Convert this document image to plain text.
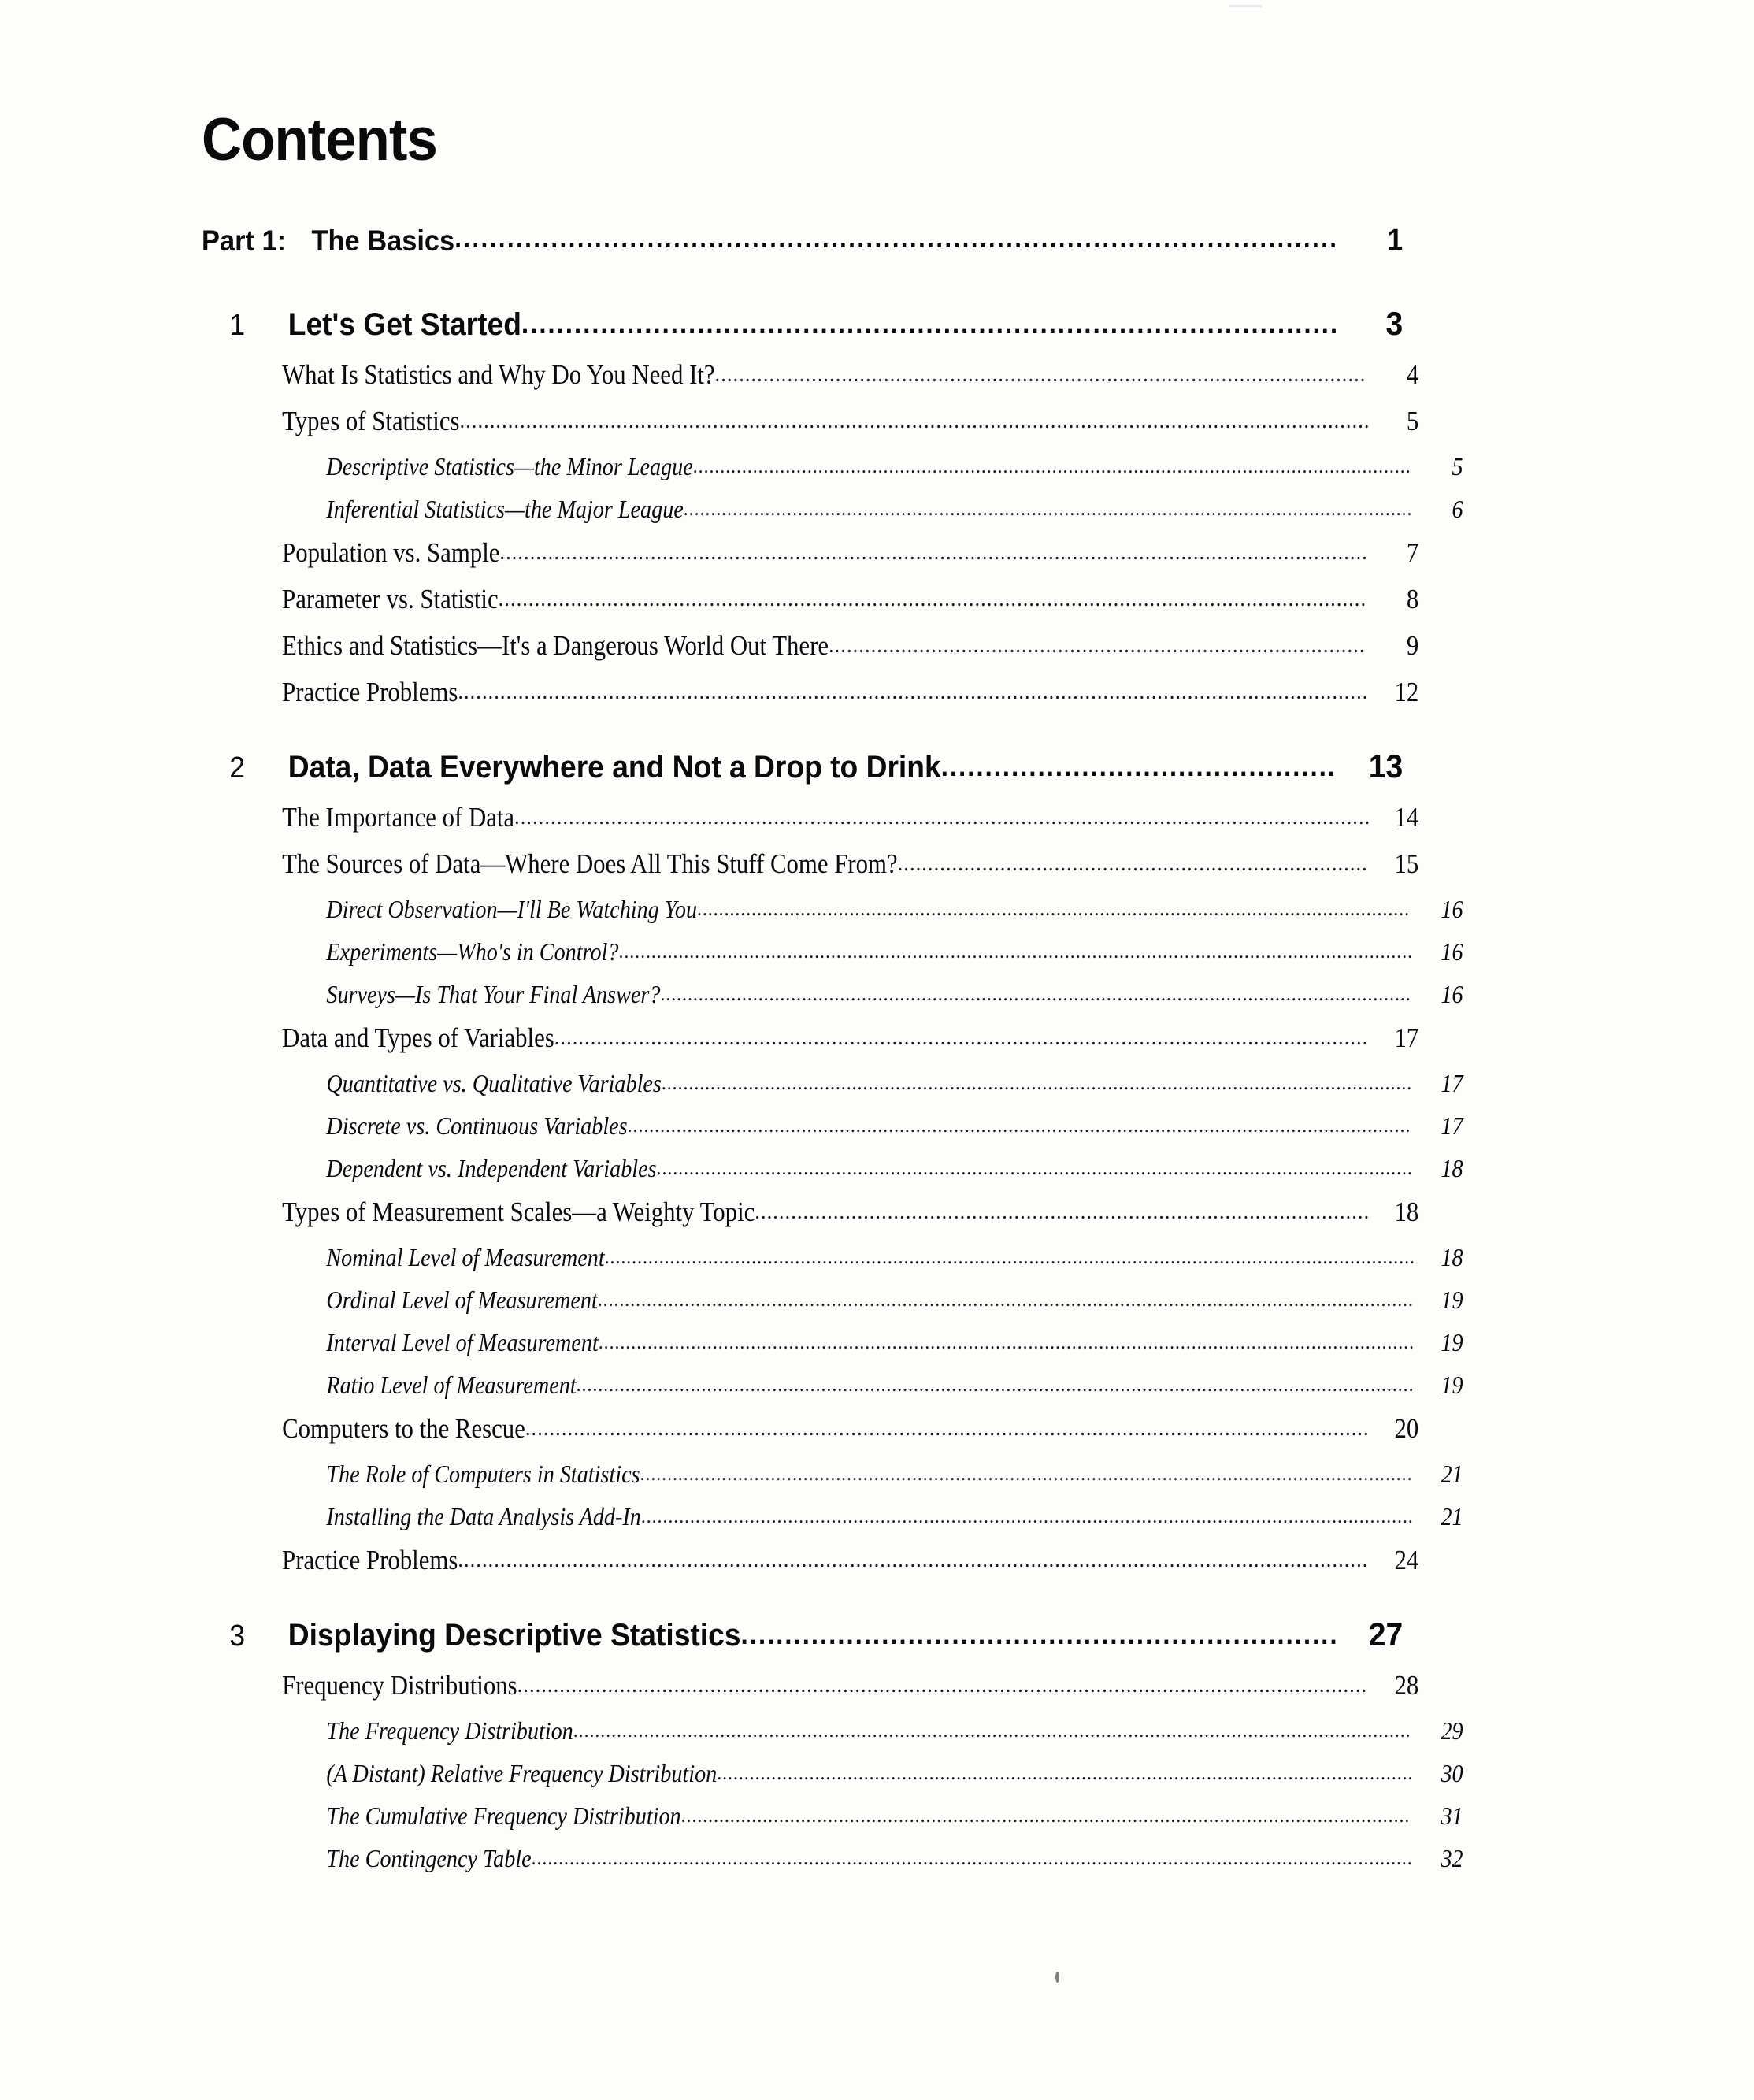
Contents
Part 1: The Basics .....................................................................................................	1
1	Let's Get Started .............................................................................................	3
What Is Statistics and Why Do You Need It? ............................................................................................................	4
Types of Statistics .......................................................................................................................................................	5
Descriptive Statistics—the Minor League ....................................................................................................................................	5
Inferential Statistics—the Major League ......................................................................................................................................	6
Population vs. Sample ................................................................................................................................................	7
Parameter vs. Statistic ................................................................................................................................................	8
Ethics and Statistics—It's a Dangerous World Out There .........................................................................................	9
Practice Problems ....................................................................................................................................................... 12
2	Data, Data Everywhere and Not a Drop to Drink ............................................. 13
The Importance of Data .............................................................................................................................................. 14
The Sources of Data—Where Does All This Stuff Come From? .............................................................................. 15
Direct Observation—I'll Be Watching You ...................................................................................................................................	16
Experiments—Who's in Control? ..................................................................................................................................................	16
Surveys—Is That Your Final Answer? ..........................................................................................................................................	16
Data and Types of Variables ....................................................................................................................................... 17
Quantitative vs. Qualitative Variables ..........................................................................................................................................	17
Discrete vs. Continuous Variables ................................................................................................................................................	17
Dependent vs. Independent Variables ...........................................................................................................................................	18
Types of Measurement Scales—a Weighty Topic ...................................................................................................... 18
Nominal Level of Measurement .....................................................................................................................................................	18
Ordinal Level of Measurement ......................................................................................................................................................	19
Interval Level of Measurement ......................................................................................................................................................	19
Ratio Level of Measurement ..........................................................................................................................................................	19
Computers to the Rescue ............................................................................................................................................ 20
The Role of Computers in Statistics ..............................................................................................................................................	21
Installing the Data Analysis Add-In ..............................................................................................................................................	21
Practice Problems ....................................................................................................................................................... 24
3	Displaying Descriptive Statistics .................................................................... 27
Frequency Distributions ............................................................................................................................................. 28
The Frequency Distribution ..........................................................................................................................................................	29
(A Distant) Relative Frequency Distribution ................................................................................................................................	30
The Cumulative Frequency Distribution ......................................................................................................................................	31
The Contingency Table ..................................................................................................................................................................	32
